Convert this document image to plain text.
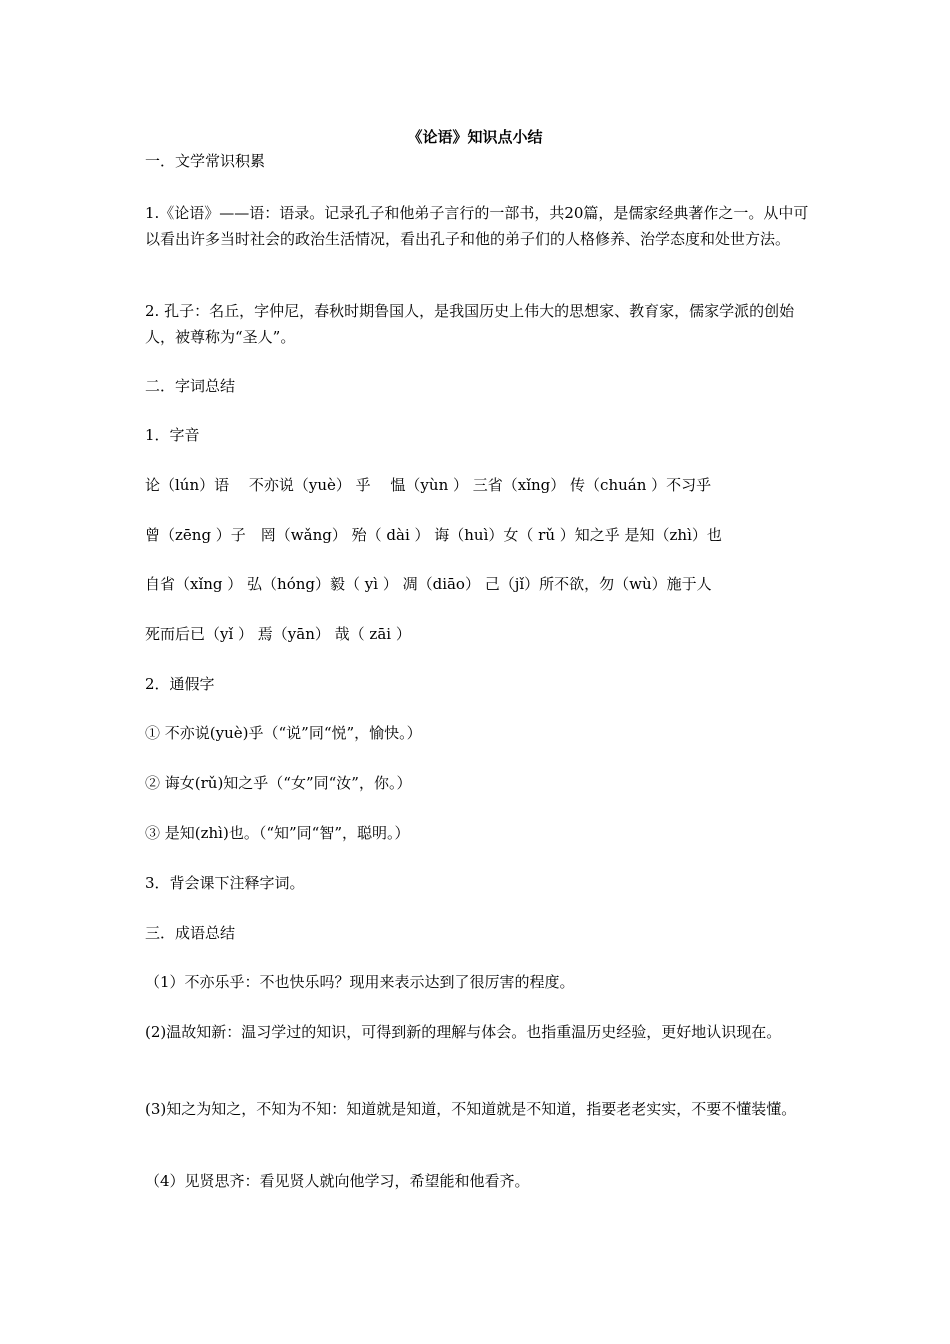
《论语》知识点小结
一．文学常识积累
1.《论语》——语：语录。记录孔子和他弟子言行的一部书，共20篇，是儒家经典著作之一。从中可以看出许多当时社会的政治生活情况，看出孔子和他的弟子们的人格修养、治学态度和处世方法。
2. 孔子：名丘，字仲尼，春秋时期鲁国人，是我国历史上伟大的思想家、教育家，儒家学派的创始人，被尊称为“圣人”。
二．字词总结
1．字音
论（lún）语　 不亦说（yuè） 乎　 愠（yùn ） 三省（xǐng） 传（chuán ）不习乎
曾（zēng ）子　罔（wǎng） 殆（ dài ） 诲（huì）女（ rǔ ）知之乎 是知（zhì）也
自省（xǐng ） 弘（hóng）毅（ yì ） 凋（diāo） 己（jǐ）所不欲，勿（wù）施于人
死而后已（yǐ ） 焉（yān） 哉（ zāi ）
2．通假字
① 不亦说(yuè)乎（“说”同“悦”，愉快。）
② 诲女(rǔ)知之乎（“女”同“汝”，你。）
③ 是知(zhì)也。（“知”同“智”，聪明。）
3．背会课下注释字词。
三．成语总结
（1）不亦乐乎：不也快乐吗？现用来表示达到了很厉害的程度。
(2)温故知新：温习学过的知识，可得到新的理解与体会。也指重温历史经验，更好地认识现在。
(3)知之为知之，不知为不知：知道就是知道，不知道就是不知道，指要老老实实，不要不懂装懂。
（4）见贤思齐：看见贤人就向他学习，希望能和他看齐。
